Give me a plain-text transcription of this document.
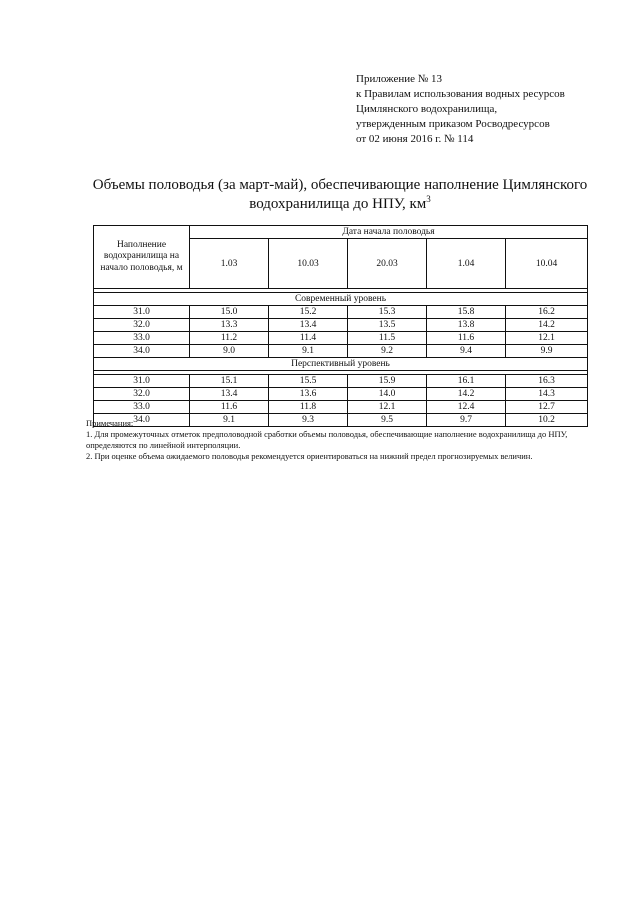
Приложение № 13
к Правилам использования водных ресурсов
Цимлянского водохранилища,
утвержденным приказом Росводресурсов
от 02 июня 2016 г. № 114
Объемы половодья (за март-май), обеспечивающие наполнение Цимлянского
водохранилища до НПУ, $км^3$
Наполнение водохранилища на начало половодья, м	Дата начала половодья				
	1.03	10.03	20.03	1.04	10.04

Современный уровень					
31.0	15.0	15.2	15.3	15.8	16.2
32.0	13.3	13.4	13.5	13.8	14.2
33.0	11.2	11.4	11.5	11.6	12.1
34.0	9.0	9.1	9.2	9.4	9.9
Перспективный уровень					

31.0	15.1	15.5	15.9	16.1	16.3
32.0	13.4	13.6	14.0	14.2	14.3
33.0	11.6	11.8	12.1	12.4	12.7
34.0	9.1	9.3	9.5	9.7	10.2
Примечания:
1. Для промежуточных отметок предполоводной сработки объемы половодья, обеспечивающие наполнение водохранилища до НПУ, определяются по линейной интерполяции.
2. При оценке объема ожидаемого половодья рекомендуется ориентироваться на нижний предел прогнозируемых величин.
